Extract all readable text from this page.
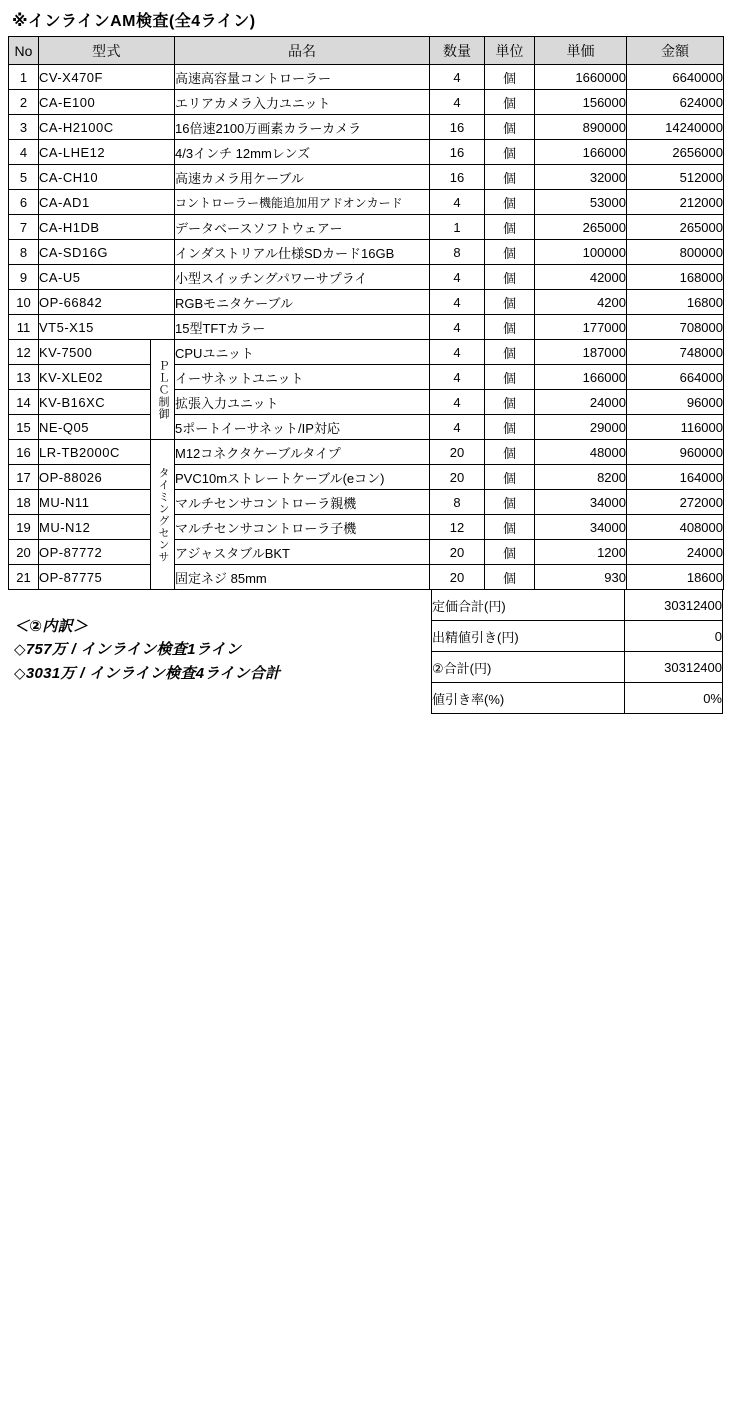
※インラインAM検査(全4ライン)
No	型式		品名	数量	単位	単価	金額
1	CV-X470F		高速高容量コントローラー	4	個	1660000	6640000
2	CA-E100		エリアカメラ入力ユニット	4	個	156000	624000
3	CA-H2100C		16倍速2100万画素カラーカメラ	16	個	890000	14240000
4	CA-LHE12		4/3インチ 12mmレンズ	16	個	166000	2656000
5	CA-CH10		高速カメラ用ケーブル	16	個	32000	512000
6	CA-AD1		コントローラー機能追加用アドオンカード	4	個	53000	212000
7	CA-H1DB		データベースソフトウェアー	1	個	265000	265000
8	CA-SD16G		インダストリアル仕様SDカード16GB	8	個	100000	800000
9	CA-U5		小型スイッチングパワーサプライ	4	個	42000	168000
10	OP-66842		RGBモニタケーブル	4	個	4200	16800
11	VT5-X15		15型TFTカラー	4	個	177000	708000
12	KV-7500	ＰＬＣ制御	CPUユニット	4	個	187000	748000
13	KV-XLE02		イーサネットユニット	4	個	166000	664000
14	KV-B16XC		拡張入力ユニット	4	個	24000	96000
15	NE-Q05		5ポートイーサネット/IP対応	4	個	29000	116000
16	LR-TB2000C	タイミングセンサ	M12コネクタケーブルタイプ	20	個	48000	960000
17	OP-88026		PVC10mストレートケーブル(eコン)	20	個	8200	164000
18	MU-N11		マルチセンサコントローラ親機	8	個	34000	272000
19	MU-N12		マルチセンサコントローラ子機	12	個	34000	408000
20	OP-87772		アジャスタブルBKT	20	個	1200	24000
21	OP-87775		固定ネジ 85mm	20	個	930	18600
＜②内訳＞
◇757万 / インライン検査1ライン
◇3031万 / インライン検査4ライン合計
定価合計(円)	30312400
出精値引き(円)	0
②合計(円)	30312400
値引き率(%)	0%
